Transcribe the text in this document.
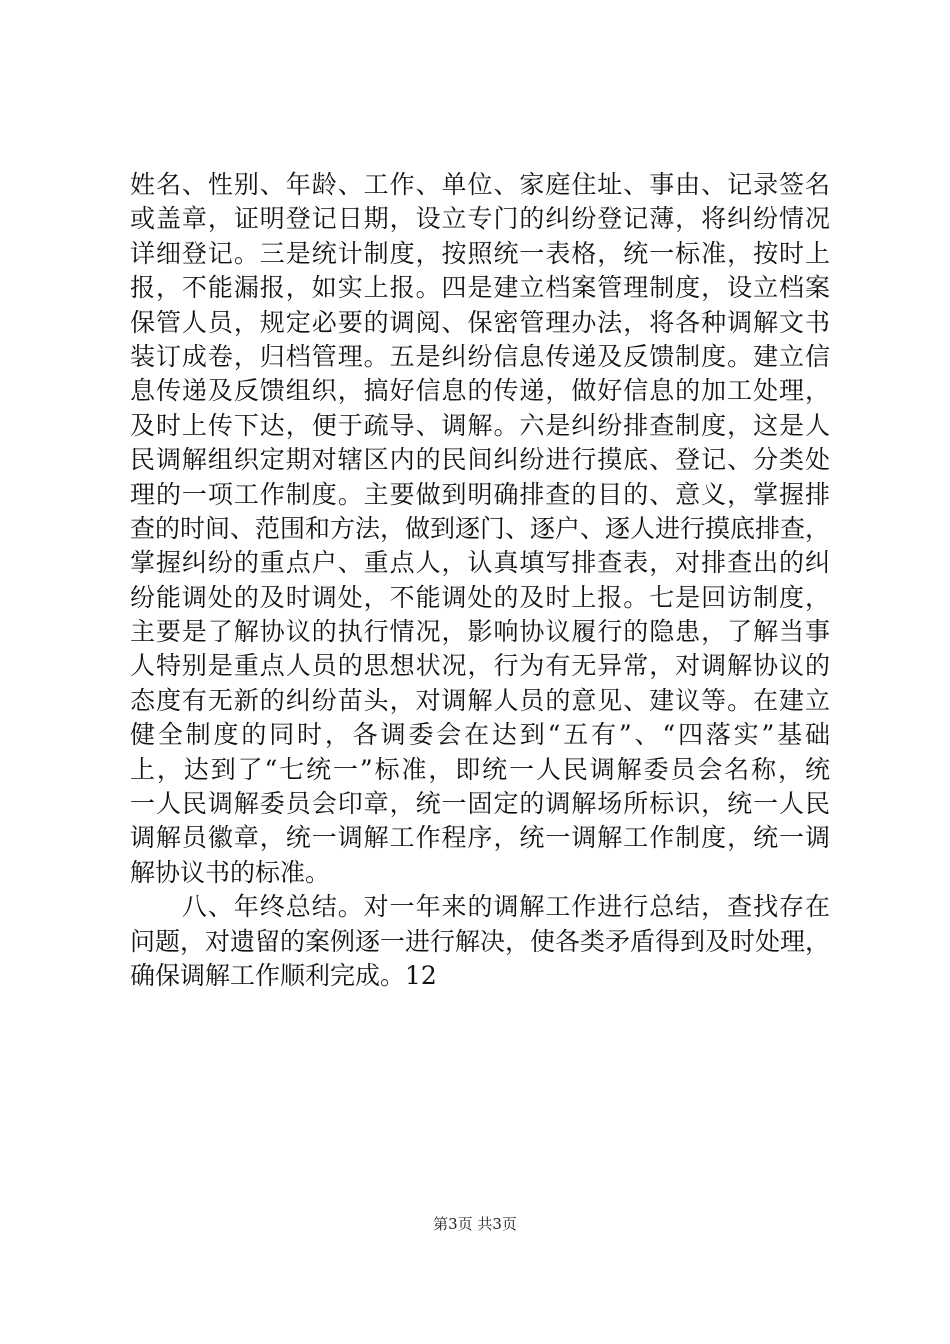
姓名、性别、年龄、工作、单位、家庭住址、事由、记录签名
或盖章，证明登记日期，设立专门的纠纷登记薄，将纠纷情况
详细登记。三是统计制度，按照统一表格，统一标准，按时上
报，不能漏报，如实上报。四是建立档案管理制度，设立档案
保管人员，规定必要的调阅、保密管理办法，将各种调解文书
装订成卷，归档管理。五是纠纷信息传递及反馈制度。建立信
息传递及反馈组织，搞好信息的传递，做好信息的加工处理，
及时上传下达，便于疏导、调解。六是纠纷排查制度，这是人
民调解组织定期对辖区内的民间纠纷进行摸底、登记、分类处
理的一项工作制度。主要做到明确排查的目的、意义，掌握排
查的时间、范围和方法，做到逐门、逐户、逐人进行摸底排查，
掌握纠纷的重点户、重点人，认真填写排查表，对排查出的纠
纷能调处的及时调处，不能调处的及时上报。七是回访制度，
主要是了解协议的执行情况，影响协议履行的隐患，了解当事
人特别是重点人员的思想状况，行为有无异常，对调解协议的
态度有无新的纠纷苗头，对调解人员的意见、建议等。在建立
健全制度的同时，各调委会在达到“五有”、“四落实”基础
上，达到了“七统一”标准，即统一人民调解委员会名称，统
一人民调解委员会印章，统一固定的调解场所标识，统一人民
调解员徽章，统一调解工作程序，统一调解工作制度，统一调
解协议书的标准。
　　八、年终总结。对一年来的调解工作进行总结，查找存在
问题，对遗留的案例逐一进行解决，使各类矛盾得到及时处理，
确保调解工作顺利完成。12
第3页 共3页
